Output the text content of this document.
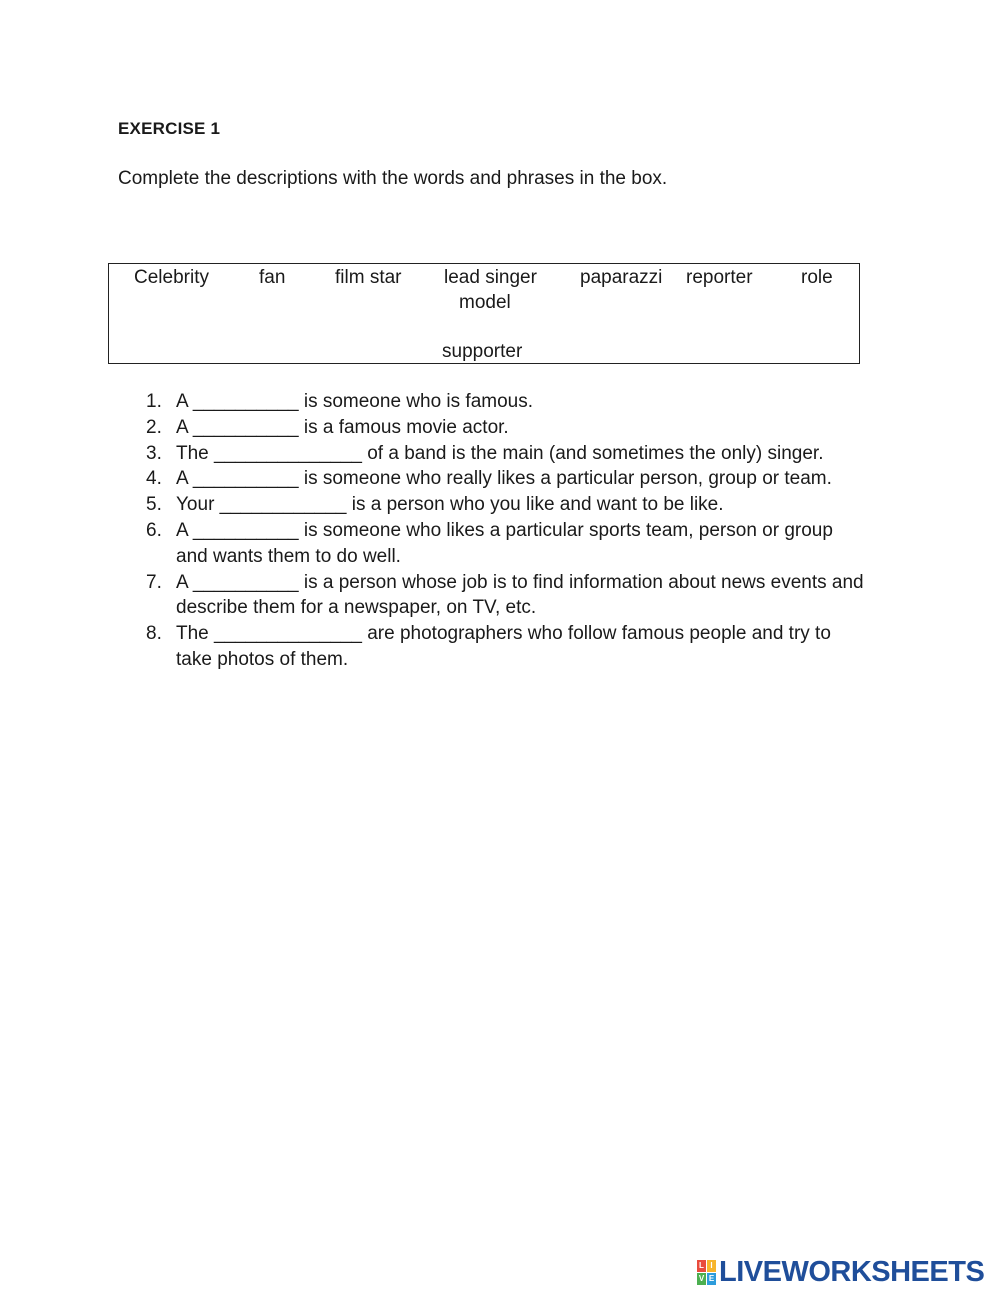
EXERCISE 1
Complete the descriptions with the words and phrases in the box.
Celebrity	fan	film star lead singer paparazzi reporter	role
model
supporter
1. A __________ is someone who is famous.
2. A __________ is a famous movie actor.
3. The ______________ of a band is the main (and sometimes the only) singer.
4. A __________ is someone who really likes a particular person, group or team.
5. Your ____________ is a person who you like and want to be like.
6. A __________ is someone who likes a particular sports team, person or group and wants them to do well.
7. A __________ is a person whose job is to find information about news events and describe them for a newspaper, on TV, etc.
8. The ______________ are photographers who follow famous people and try to take photos of them.
L I
V E LIVEWORKSHEETS
